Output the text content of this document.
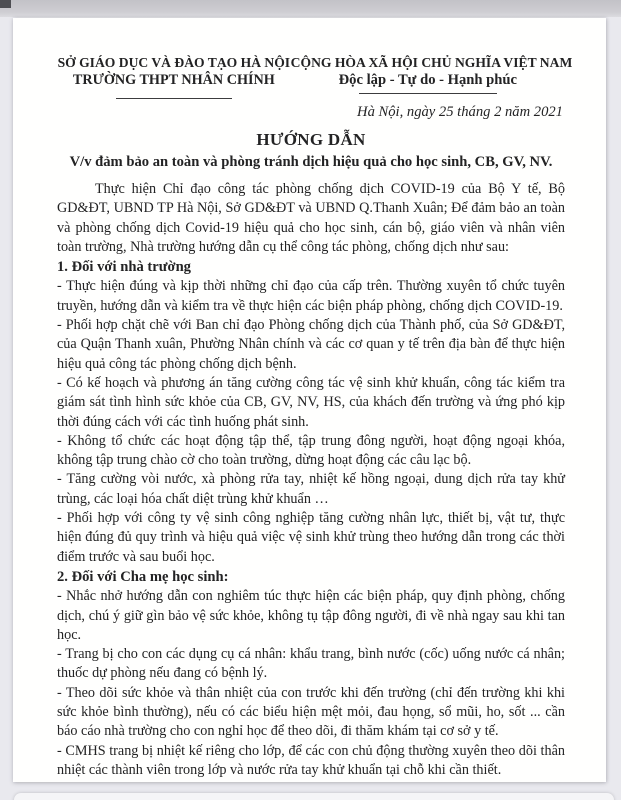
SỞ GIÁO DỤC VÀ ĐÀO TẠO HÀ NỘI
TRƯỜNG THPT NHÂN CHÍNH
CỘNG HÒA XÃ HỘI CHỦ NGHĨA VIỆT NAM
Độc lập - Tự do - Hạnh phúc
Hà Nội, ngày 25 tháng 2 năm 2021
HƯỚNG DẪN
V/v đảm bảo an toàn và phòng tránh dịch hiệu quả cho học sinh, CB, GV, NV.

Thực hiện Chỉ đạo công tác phòng chống dịch COVID-19 của Bộ Y tế, Bộ GD&ĐT, UBND TP Hà Nội, Sở GD&ĐT và UBND Q.Thanh Xuân; Để đảm bảo an toàn và phòng chống dịch Covid-19 hiệu quả cho học sinh, cán bộ, giáo viên và nhân viên toàn trường, Nhà trường hướng dẫn cụ thể công tác phòng, chống dịch như sau:

1. Đối với nhà trường

- Thực hiện đúng và kịp thời những chỉ đạo của cấp trên. Thường xuyên tổ chức tuyên truyền, hướng dẫn và kiểm tra về thực hiện các biện pháp phòng, chống dịch COVID-19.

- Phối hợp chặt chẽ với Ban chỉ đạo Phòng chống dịch của Thành phố, của Sở GD&ĐT, của Quận Thanh xuân, Phường Nhân chính và các cơ quan y tế trên địa bàn để thực hiện hiệu quả công tác phòng chống dịch bệnh.

- Có kế hoạch và phương án tăng cường công tác vệ sinh khử khuẩn, công tác kiểm tra giám sát tình hình sức khỏe của CB, GV, NV, HS, của khách đến trường và ứng phó kịp thời đúng cách với các tình huống phát sinh.

- Không tổ chức các hoạt động tập thể, tập trung đông người, hoạt động ngoại khóa, không tập trung chào cờ cho toàn trường, dừng hoạt động các câu lạc bộ.

- Tăng cường vòi nước, xà phòng rửa tay, nhiệt kế hồng ngoại, dung dịch rửa tay khử trùng, các loại hóa chất diệt trùng khử khuẩn …

- Phối hợp với công ty vệ sinh công nghiệp tăng cường nhân lực, thiết bị, vật tư, thực hiện đúng đủ quy trình và hiệu quả việc vệ sinh khử trùng theo hướng dẫn trong các thời điểm trước và sau buổi học.

2. Đối với Cha mẹ học sinh:

- Nhắc nhở hướng dẫn con nghiêm túc thực hiện các biện pháp, quy định phòng, chống dịch, chú ý giữ gìn bảo vệ sức khỏe, không tụ tập đông người, đi về nhà ngay sau khi tan học.

- Trang bị cho con các dụng cụ cá nhân: khẩu trang, bình nước (cốc) uống nước cá nhân; thuốc dự phòng nếu đang có bệnh lý.

- Theo dõi sức khỏe và thân nhiệt của con trước khi đến trường (chỉ đến trường khi khi sức khỏe bình thường), nếu có các biểu hiện mệt mỏi, đau họng, sổ mũi, ho, sốt ... cần báo cáo nhà trường cho con nghỉ học để theo dõi, đi thăm khám tại cơ sở y tế.

- CMHS trang bị nhiệt kế riêng cho lớp, để các con chủ động thường xuyên theo dõi thân nhiệt các thành viên trong lớp và nước rửa tay khử khuẩn tại chỗ khi cần thiết.
